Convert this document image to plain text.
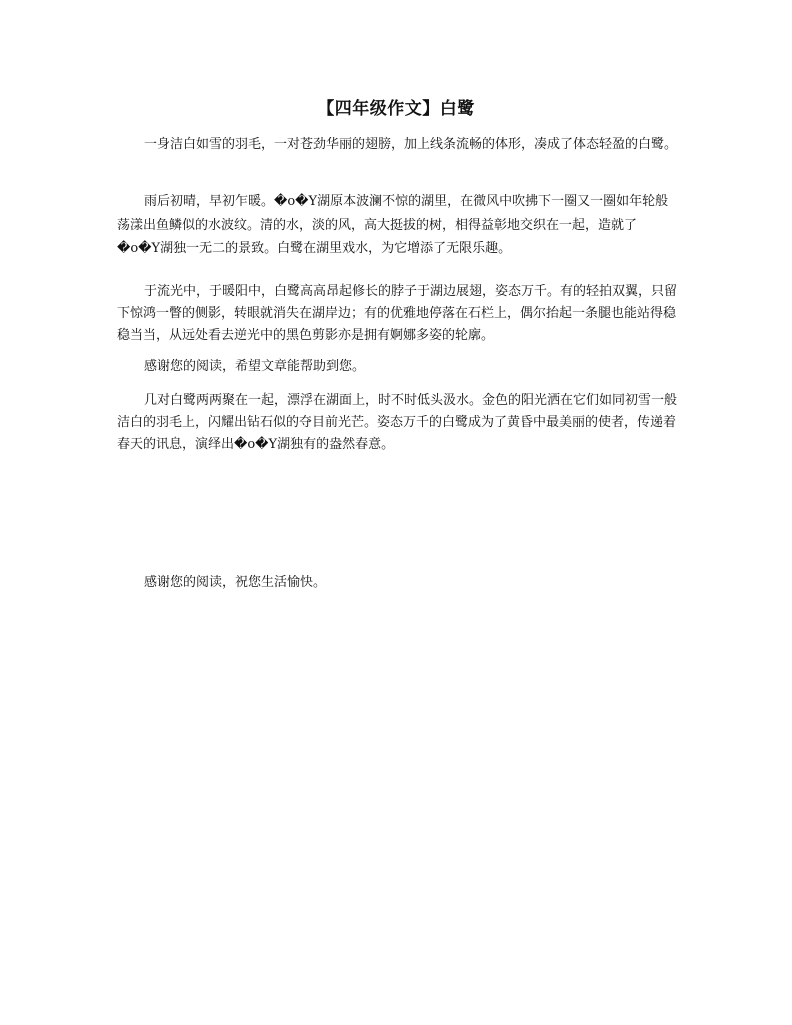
【四年级作文】白鹭

一身洁白如雪的羽毛，一对苍劲华丽的翅膀，加上线条流畅的体形，凑成了体态轻盈的白鹭。

雨后初晴，早初乍暖。�o�Y湖原本波澜不惊的湖里，在微风中吹拂下一圈又一圈如年轮般荡漾出鱼鳞似的水波纹。清的水，淡的风，高大挺拔的树，相得益彰地交织在一起，造就了�o�Y湖独一无二的景致。白鹭在湖里戏水，为它增添了无限乐趣。

于流光中，于暖阳中，白鹭高高昂起修长的脖子于湖边展翅，姿态万千。有的轻拍双翼，只留下惊鸿一瞥的侧影，转眼就消失在湖岸边；有的优雅地停落在石栏上，偶尔抬起一条腿也能站得稳稳当当，从远处看去逆光中的黑色剪影亦是拥有婀娜多姿的轮廓。

感谢您的阅读，希望文章能帮助到您。

几对白鹭两两聚在一起，漂浮在湖面上，时不时低头汲水。金色的阳光洒在它们如同初雪一般洁白的羽毛上，闪耀出钻石似的夺目前光芒。姿态万千的白鹭成为了黄昏中最美丽的使者，传递着春天的讯息，演绎出�o�Y湖独有的盎然春意。

感谢您的阅读，祝您生活愉快。
